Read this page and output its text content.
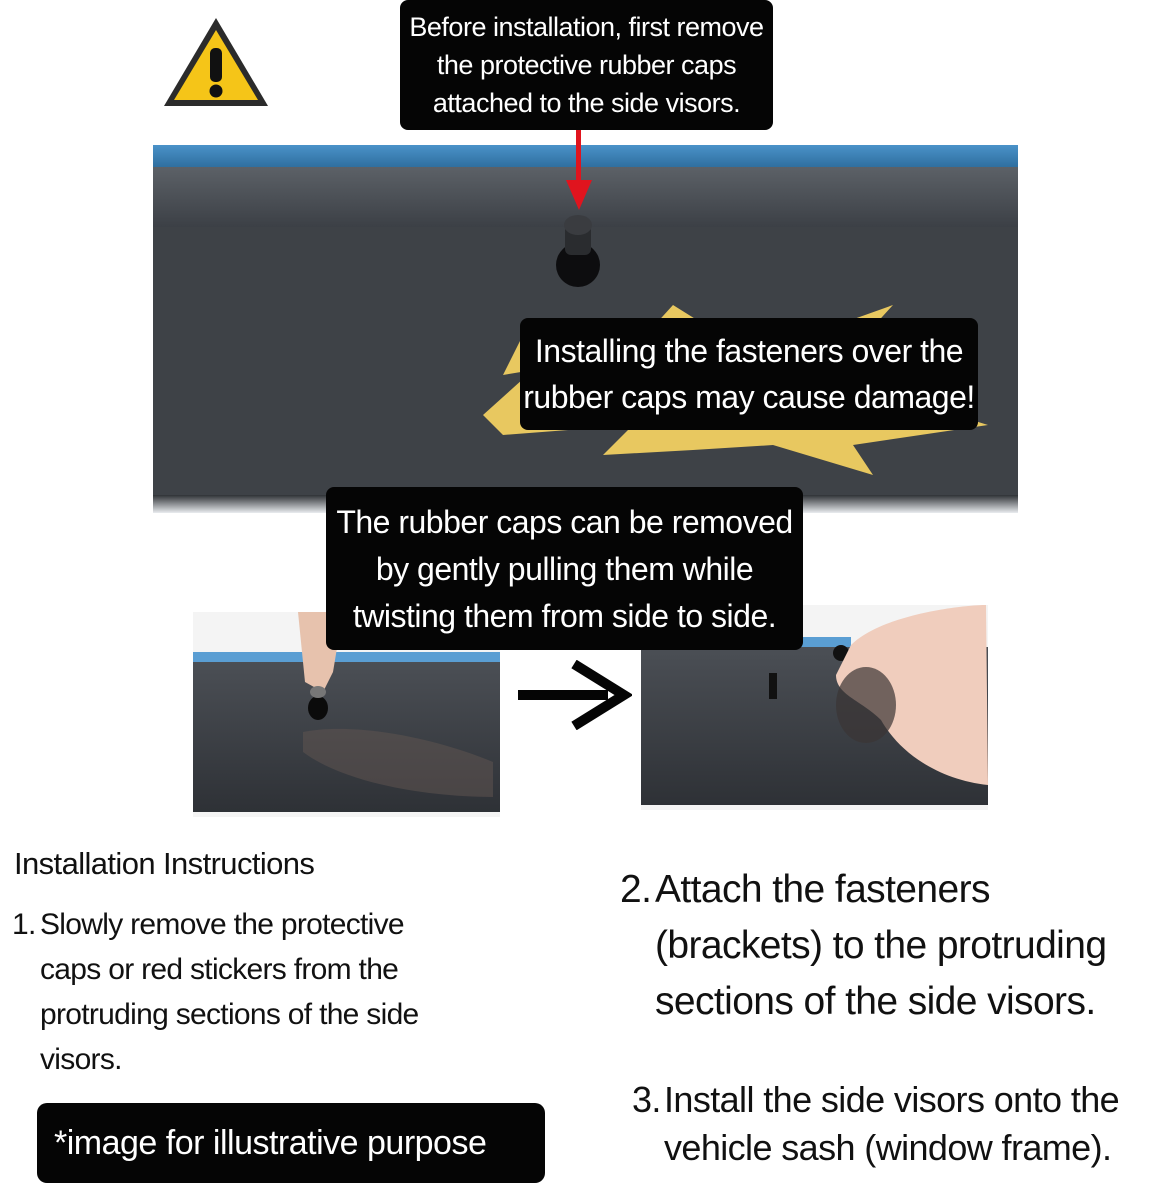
Before installation, first remove
the protective rubber caps
attached to the side visors.
Installing the fasteners over the
rubber caps may cause damage!
The rubber caps can be removed
by gently pulling them while
twisting them from side to side.
Installation Instructions
1. Slowly remove the protective caps or red stickers from the protruding sections of the side visors.
2. Attach the fasteners (brackets) to the protruding sections of the side visors.
3. Install the side visors onto the vehicle sash (window frame).
*image for illustrative purpose
